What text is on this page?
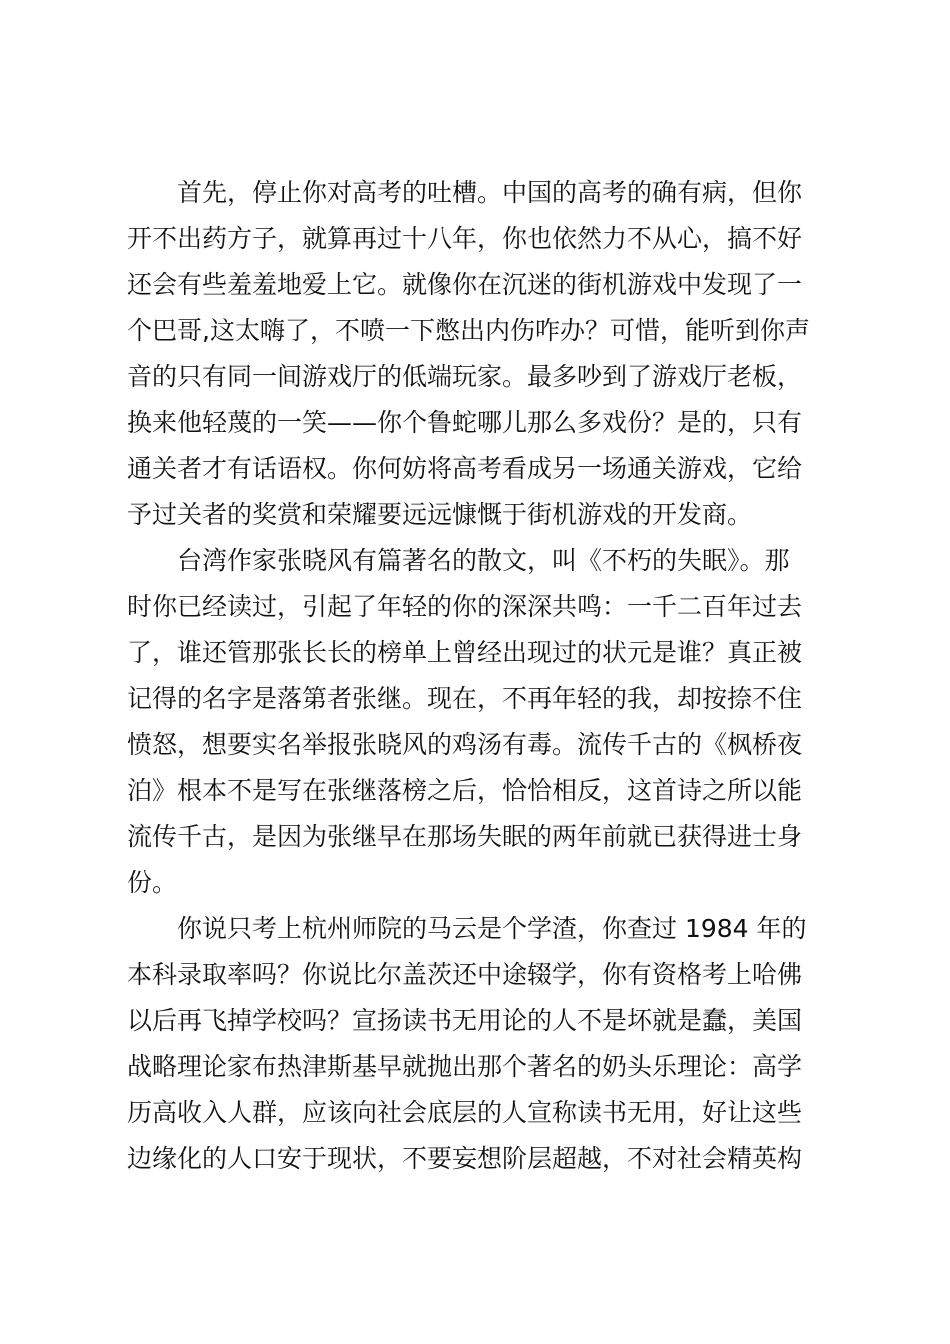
首先，停止你对高考的吐槽。中国的高考的确有病，但你
开不出药方子，就算再过十八年，你也依然力不从心，搞不好
还会有些羞羞地爱上它。就像你在沉迷的街机游戏中发现了一
个巴哥,这太嗨了，不喷一下憋出内伤咋办？可惜，能听到你声
音的只有同一间游戏厅的低端玩家。最多吵到了游戏厅老板，
换来他轻蔑的一笑——你个鲁蛇哪儿那么多戏份？是的，只有
通关者才有话语权。你何妨将高考看成另一场通关游戏，它给
予过关者的奖赏和荣耀要远远慷慨于街机游戏的开发商。
台湾作家张晓风有篇著名的散文，叫《不朽的失眠》。那
时你已经读过，引起了年轻的你的深深共鸣：一千二百年过去
了，谁还管那张长长的榜单上曾经出现过的状元是谁？真正被
记得的名字是落第者张继。现在，不再年轻的我，却按捺不住
愤怒，想要实名举报张晓风的鸡汤有毒。流传千古的《枫桥夜
泊》根本不是写在张继落榜之后，恰恰相反，这首诗之所以能
流传千古，是因为张继早在那场失眠的两年前就已获得进士身
份。
你说只考上杭州师院的马云是个学渣，你查过 1984 年的
本科录取率吗？你说比尔盖茨还中途辍学，你有资格考上哈佛
以后再飞掉学校吗？宣扬读书无用论的人不是坏就是蠢，美国
战略理论家布热津斯基早就抛出那个著名的奶头乐理论：高学
历高收入人群，应该向社会底层的人宣称读书无用，好让这些
边缘化的人口安于现状，不要妄想阶层超越，不对社会精英构
